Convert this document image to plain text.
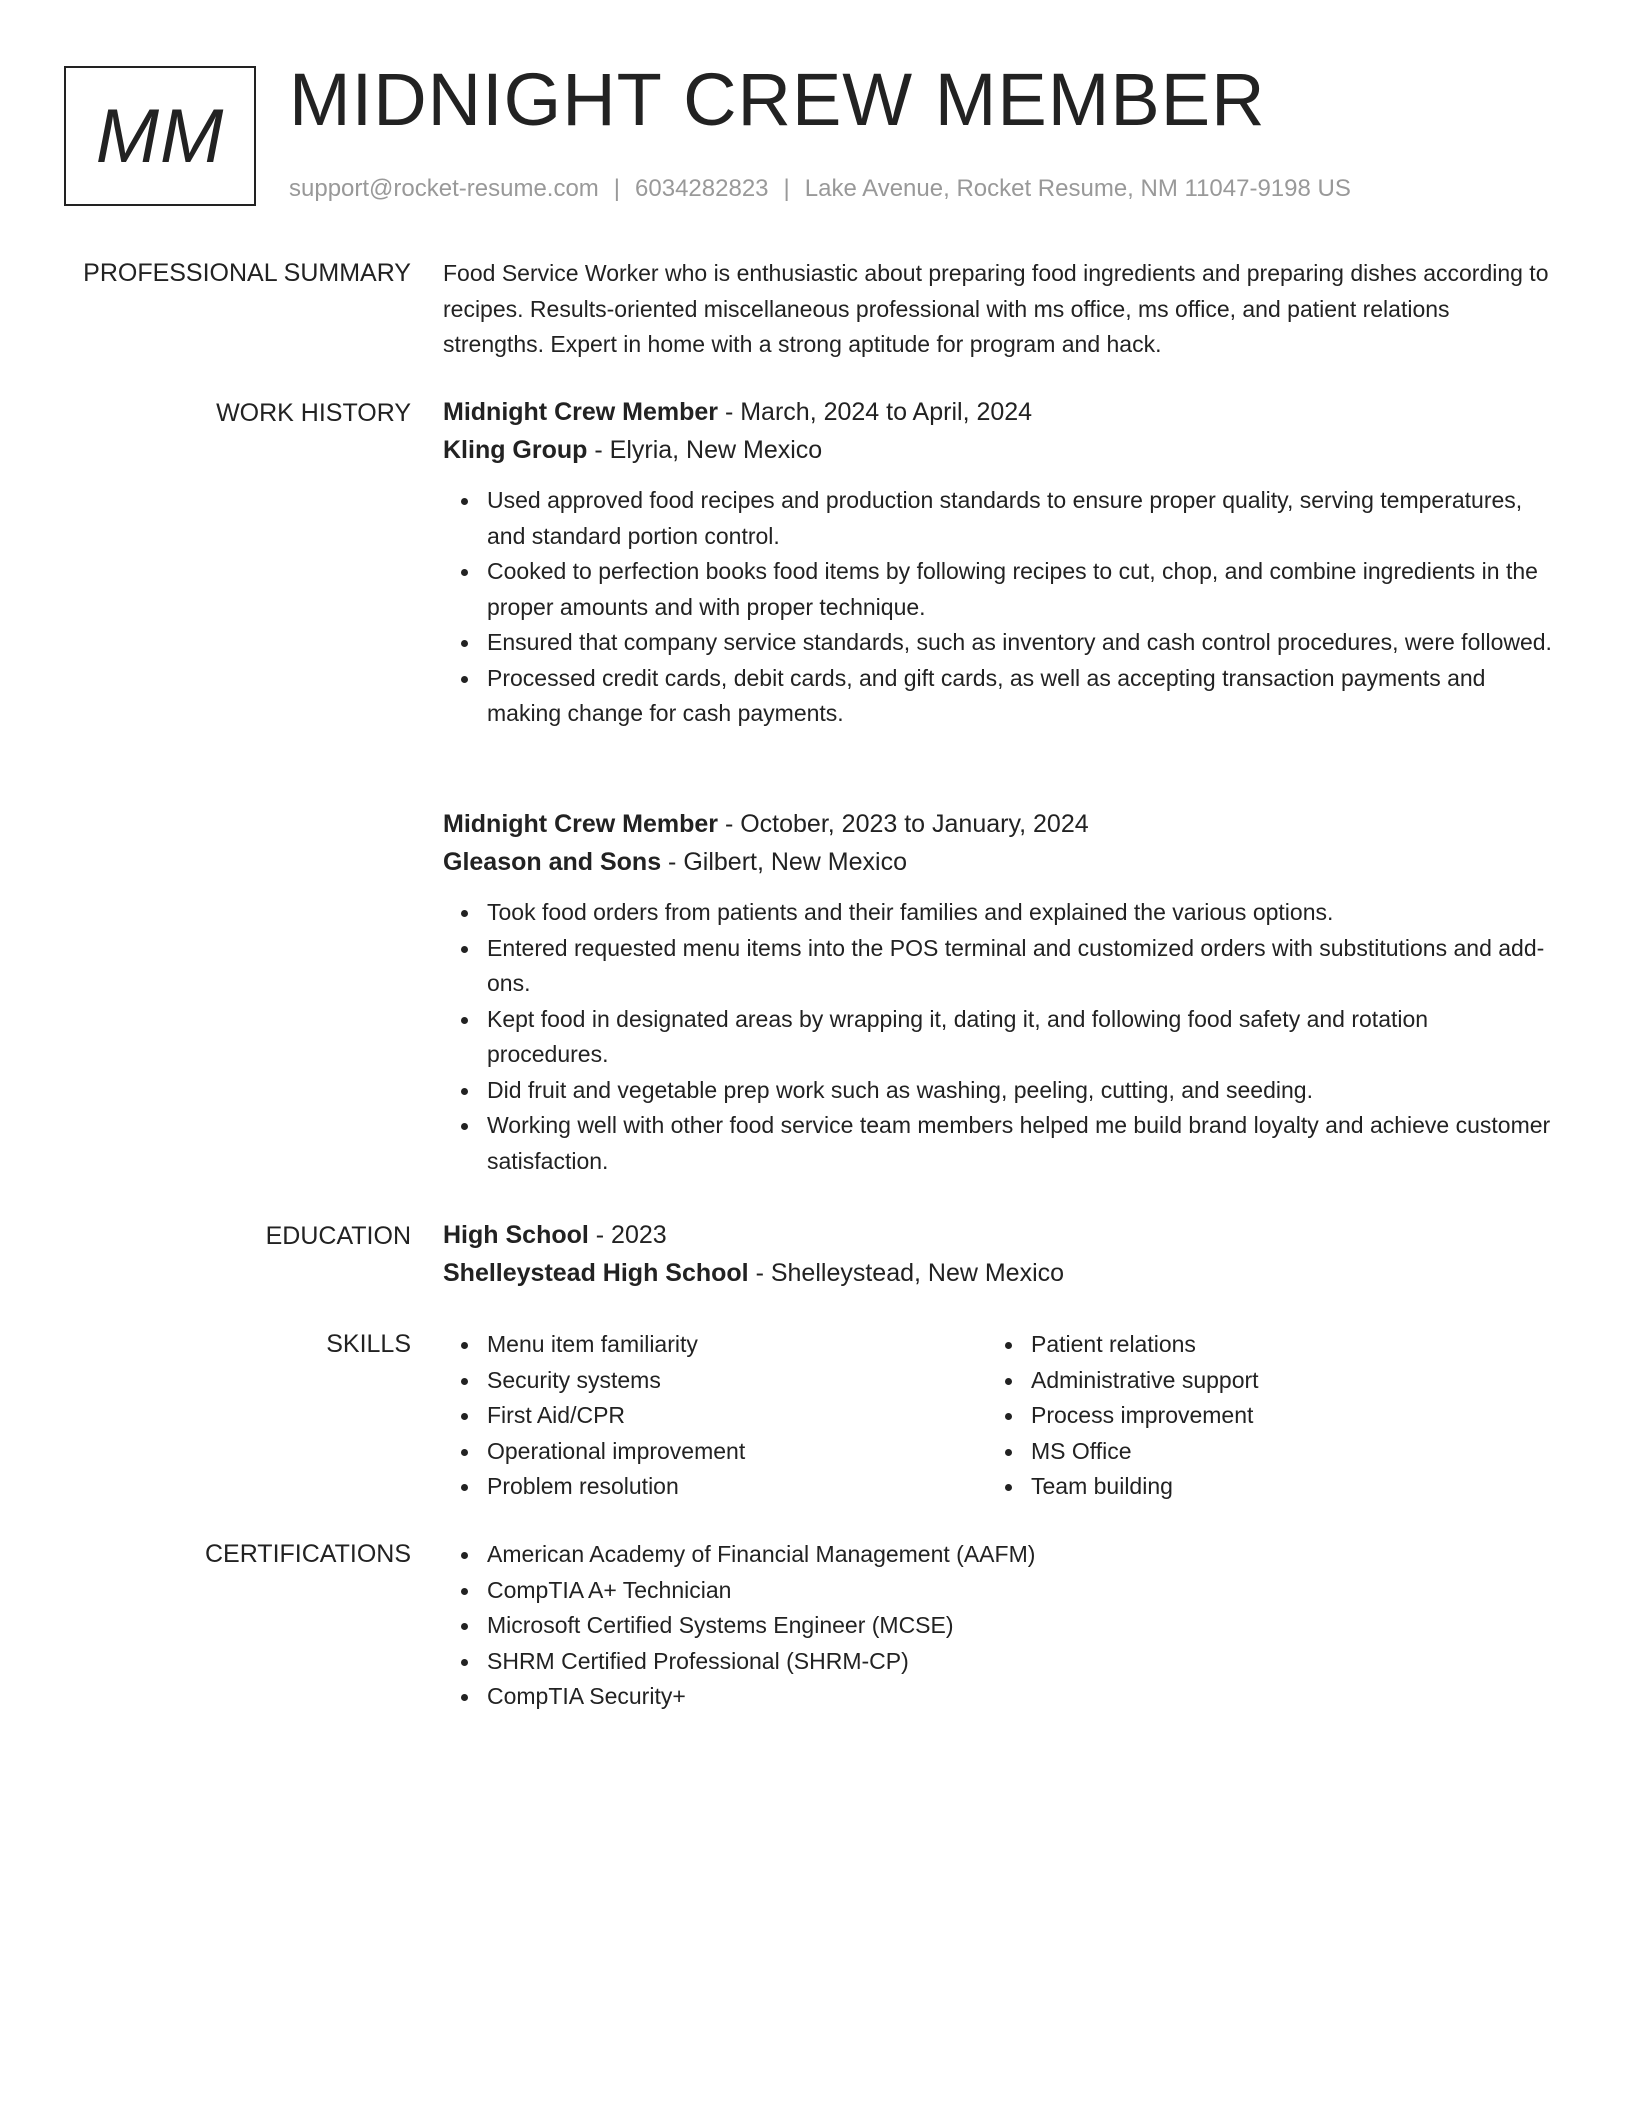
MM MIDNIGHT CREW MEMBER
support@rocket-resume.com | 6034282823 | Lake Avenue, Rocket Resume, NM 11047-9198 US
PROFESSIONAL SUMMARY Food Service Worker who is enthusiastic about preparing food ingredients and preparing dishes according to recipes. Results-oriented miscellaneous professional with ms office, ms office, and patient relations strengths. Expert in home with a strong aptitude for program and hack.

WORK HISTORY Midnight Crew Member - March, 2024 to April, 2024
Kling Group - Elyria, New Mexico
Used approved food recipes and production standards to ensure proper quality, serving temperatures, and standard portion control.
Cooked to perfection books food items by following recipes to cut, chop, and combine ingredients in the proper amounts and with proper technique.
Ensured that company service standards, such as inventory and cash control procedures, were followed.
Processed credit cards, debit cards, and gift cards, as well as accepting transaction payments and making change for cash payments.
Midnight Crew Member - October, 2023 to January, 2024
Gleason and Sons - Gilbert, New Mexico
Took food orders from patients and their families and explained the various options.
Entered requested menu items into the POS terminal and customized orders with substitutions and add-ons.
Kept food in designated areas by wrapping it, dating it, and following food safety and rotation procedures.
Did fruit and vegetable prep work such as washing, peeling, cutting, and seeding.
Working well with other food service team members helped me build brand loyalty and achieve customer satisfaction.
EDUCATION High School - 2023
Shelleystead High School - Shelleystead, New Mexico
SKILLS	Menu item familiarity
Security systems
First Aid/CPR
Operational improvement
Problem resolution
Patient relations
Administrative support
Process improvement
MS Office
Team building
CERTIFICATIONS	American Academy of Financial Management (AAFM)
CompTIA A+ Technician
Microsoft Certified Systems Engineer (MCSE)
SHRM Certified Professional (SHRM-CP)
CompTIA Security+
